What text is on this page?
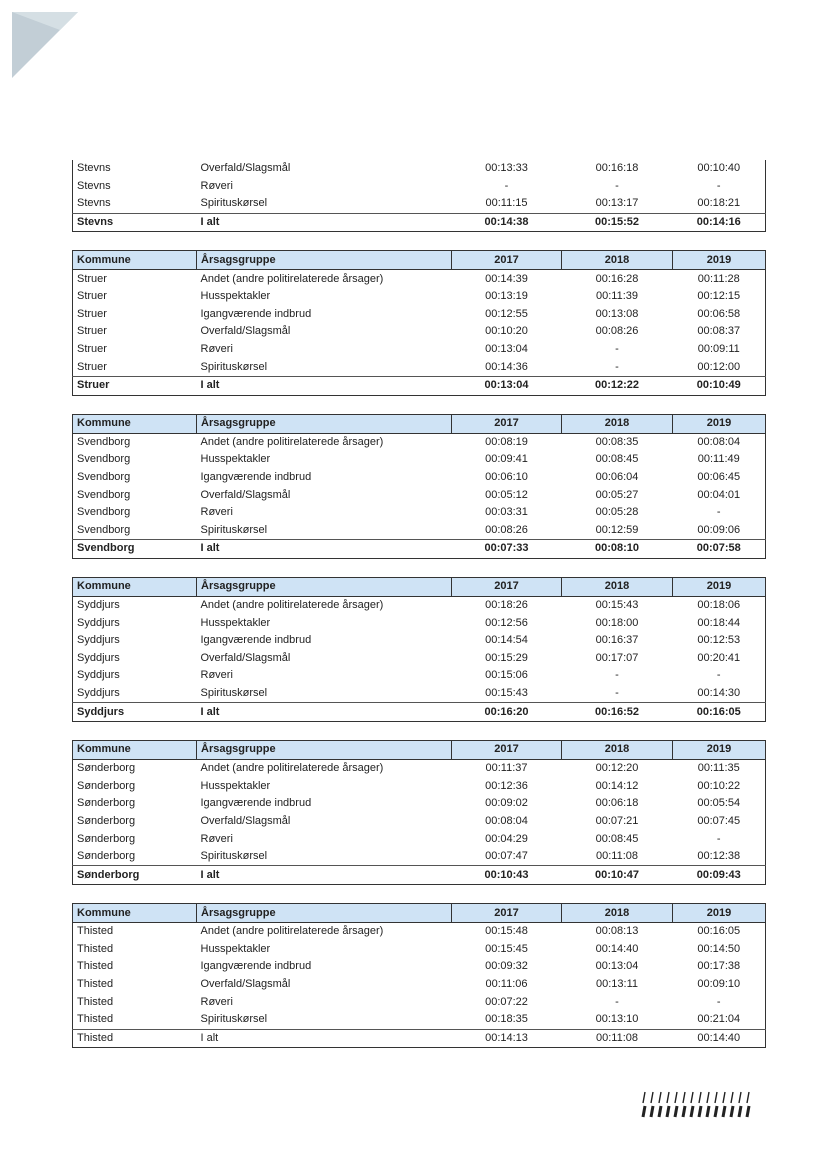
Stevns	Overfald/Slagsmål	00:13:33	00:16:18	00:10:40
Stevns	Røveri	-	-	-
Stevns	Spirituskørsel	00:11:15	00:13:17	00:18:21
Stevns	I alt	00:14:38	00:15:52	00:14:16
Kommune	Årsagsgruppe	2017	2018	2019
Struer	Andet (andre politirelaterede årsager)	00:14:39	00:16:28	00:11:28
Struer	Husspektakler	00:13:19	00:11:39	00:12:15
Struer	Igangværende indbrud	00:12:55	00:13:08	00:06:58
Struer	Overfald/Slagsmål	00:10:20	00:08:26	00:08:37
Struer	Røveri	00:13:04	-	00:09:11
Struer	Spirituskørsel	00:14:36	-	00:12:00
Struer	I alt	00:13:04	00:12:22	00:10:49
Kommune	Årsagsgruppe	2017	2018	2019
Svendborg	Andet (andre politirelaterede årsager)	00:08:19	00:08:35	00:08:04
Svendborg	Husspektakler	00:09:41	00:08:45	00:11:49
Svendborg	Igangværende indbrud	00:06:10	00:06:04	00:06:45
Svendborg	Overfald/Slagsmål	00:05:12	00:05:27	00:04:01
Svendborg	Røveri	00:03:31	00:05:28	-
Svendborg	Spirituskørsel	00:08:26	00:12:59	00:09:06
Svendborg	I alt	00:07:33	00:08:10	00:07:58
Kommune	Årsagsgruppe	2017	2018	2019
Syddjurs	Andet (andre politirelaterede årsager)	00:18:26	00:15:43	00:18:06
Syddjurs	Husspektakler	00:12:56	00:18:00	00:18:44
Syddjurs	Igangværende indbrud	00:14:54	00:16:37	00:12:53
Syddjurs	Overfald/Slagsmål	00:15:29	00:17:07	00:20:41
Syddjurs	Røveri	00:15:06	-	-
Syddjurs	Spirituskørsel	00:15:43	-	00:14:30
Syddjurs	I alt	00:16:20	00:16:52	00:16:05
Kommune	Årsagsgruppe	2017	2018	2019
Sønderborg	Andet (andre politirelaterede årsager)	00:11:37	00:12:20	00:11:35
Sønderborg	Husspektakler	00:12:36	00:14:12	00:10:22
Sønderborg	Igangværende indbrud	00:09:02	00:06:18	00:05:54
Sønderborg	Overfald/Slagsmål	00:08:04	00:07:21	00:07:45
Sønderborg	Røveri	00:04:29	00:08:45	-
Sønderborg	Spirituskørsel	00:07:47	00:11:08	00:12:38
Sønderborg	I alt	00:10:43	00:10:47	00:09:43
Kommune	Årsagsgruppe	2017	2018	2019
Thisted	Andet (andre politirelaterede årsager)	00:15:48	00:08:13	00:16:05
Thisted	Husspektakler	00:15:45	00:14:40	00:14:50
Thisted	Igangværende indbrud	00:09:32	00:13:04	00:17:38
Thisted	Overfald/Slagsmål	00:11:06	00:13:11	00:09:10
Thisted	Røveri	00:07:22	-	-
Thisted	Spirituskørsel	00:18:35	00:13:10	00:21:04
Thisted	I alt	00:14:13	00:11:08	00:14:40
